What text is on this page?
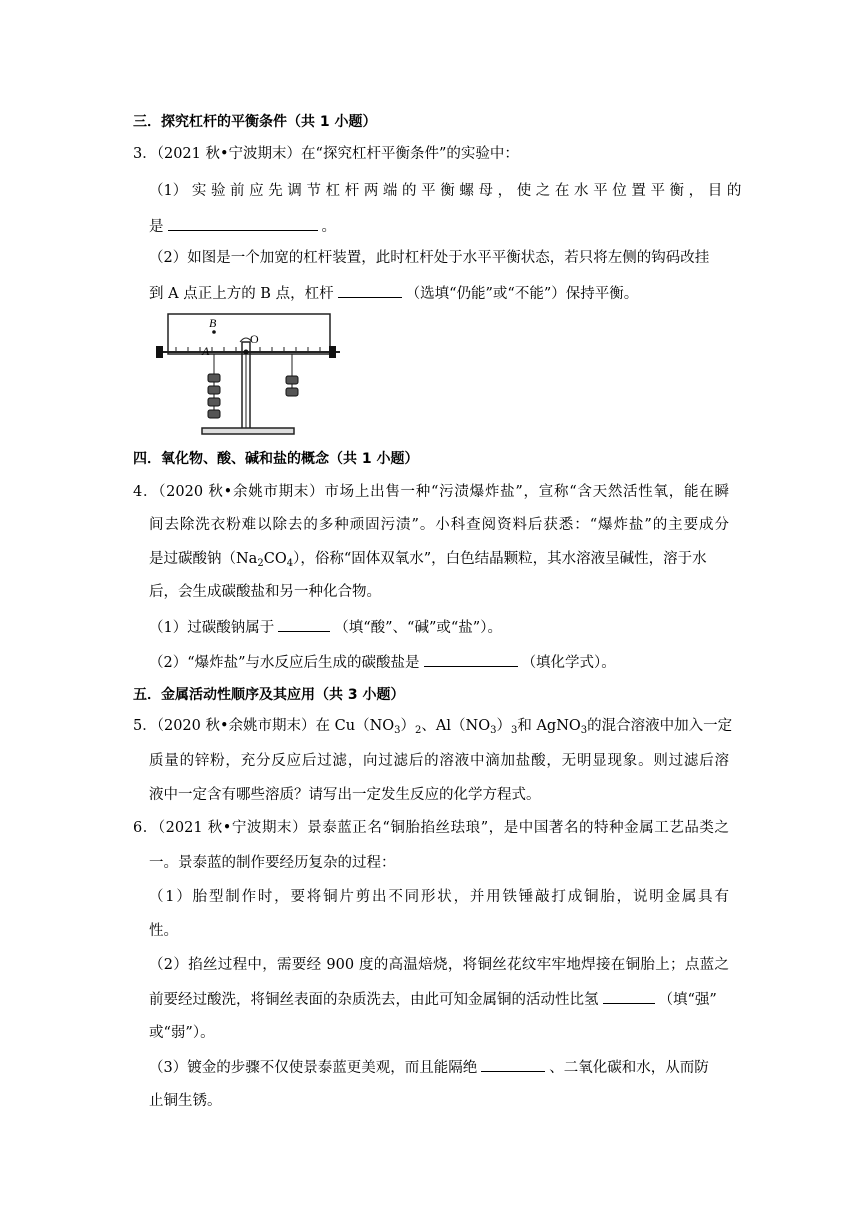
三．探究杠杆的平衡条件（共 1 小题）
3．（2021 秋•宁波期末）在“探究杠杆平衡条件”的实验中：
（1） 实 验 前 应 先 调 节 杠 杆 两 端 的 平 衡 螺 母 ， 使 之 在 水 平 位 置 平 衡 ， 目 的
是	。
（2）如图是一个加宽的杠杆装置，此时杠杆处于水平平衡状态，若只将左侧的钩码改挂
到 A 点正上方的 B 点，杠杆	（选填“仍能”或“不能”）保持平衡。
B
A
O
四．氧化物、酸、碱和盐的概念（共 1 小题）
4．（2020 秋•余姚市期末）市场上出售一种“污渍爆炸盐”，宣称“含天然活性氧，能在瞬
间去除洗衣粉难以除去的多种顽固污渍”。小科查阅资料后获悉：“爆炸盐”的主要成分
是过碳酸钠$(Na_2CO_4)$，俗称“固体双氧水”，白色结晶颗粒，其水溶液呈碱性，溶于水
后，会生成碳酸盐和另一种化合物。
（1）过碳酸钠属于	（填“酸”、“碱”或“盐”）。
（2）“爆炸盐”与水反应后生成的碳酸盐是	（填化学式）。
五．金属活动性顺序及其应用（共 3 小题）
5．（2020 秋•余姚市期末）在 $Cu(NO_3)_2$、$Al(NO_3)_3$和 AgNO$_3$的混合溶液中加入一定
质量的锌粉，充分反应后过滤，向过滤后的溶液中滴加盐酸，无明显现象。则过滤后溶
液中一定含有哪些溶质？请写出一定发生反应的化学方程式。
6．（2021 秋•宁波期末）景泰蓝正名“铜胎掐丝珐琅”，是中国著名的特种金属工艺品类之
一。景泰蓝的制作要经历复杂的过程：
（1）胎型制作时，要将铜片剪出不同形状，并用铁锤敲打成铜胎，说明金属具有
性。
（2）掐丝过程中，需要经 900 度的高温焙烧，将铜丝花纹牢牢地焊接在铜胎上；点蓝之
前要经过酸洗，将铜丝表面的杂质洗去，由此可知金属铜的活动性比氢	（填“强”
或“弱”）。
（3）镀金的步骤不仅使景泰蓝更美观，而且能隔绝	、二氧化碳和水，从而防
止铜生锈。
